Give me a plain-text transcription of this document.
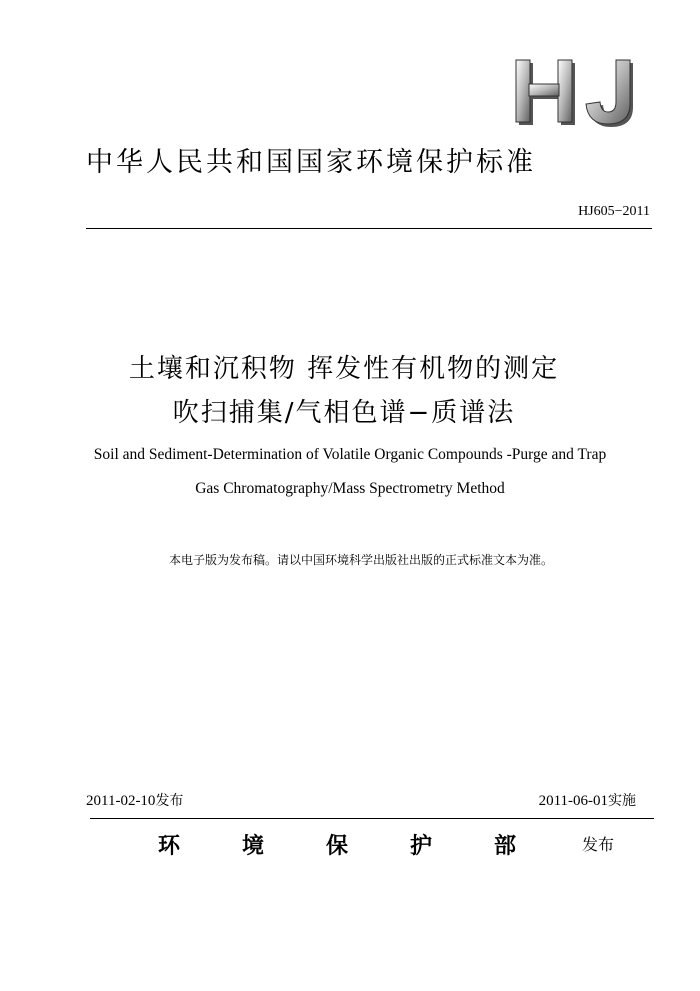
中华人民共和国国家环境保护标准
HJ605−2011
土壤和沉积物 挥发性有机物的测定
吹扫捕集/气相色谱−质谱法
Soil and Sediment-Determination of Volatile Organic Compounds -Purge and Trap
Gas Chromatography/Mass Spectrometry Method
本电子版为发布稿。请以中国环境科学出版社出版的正式标准文本为准。
2011-02-10发布	2011-06-01实施
环	境	保	护	部	发布
